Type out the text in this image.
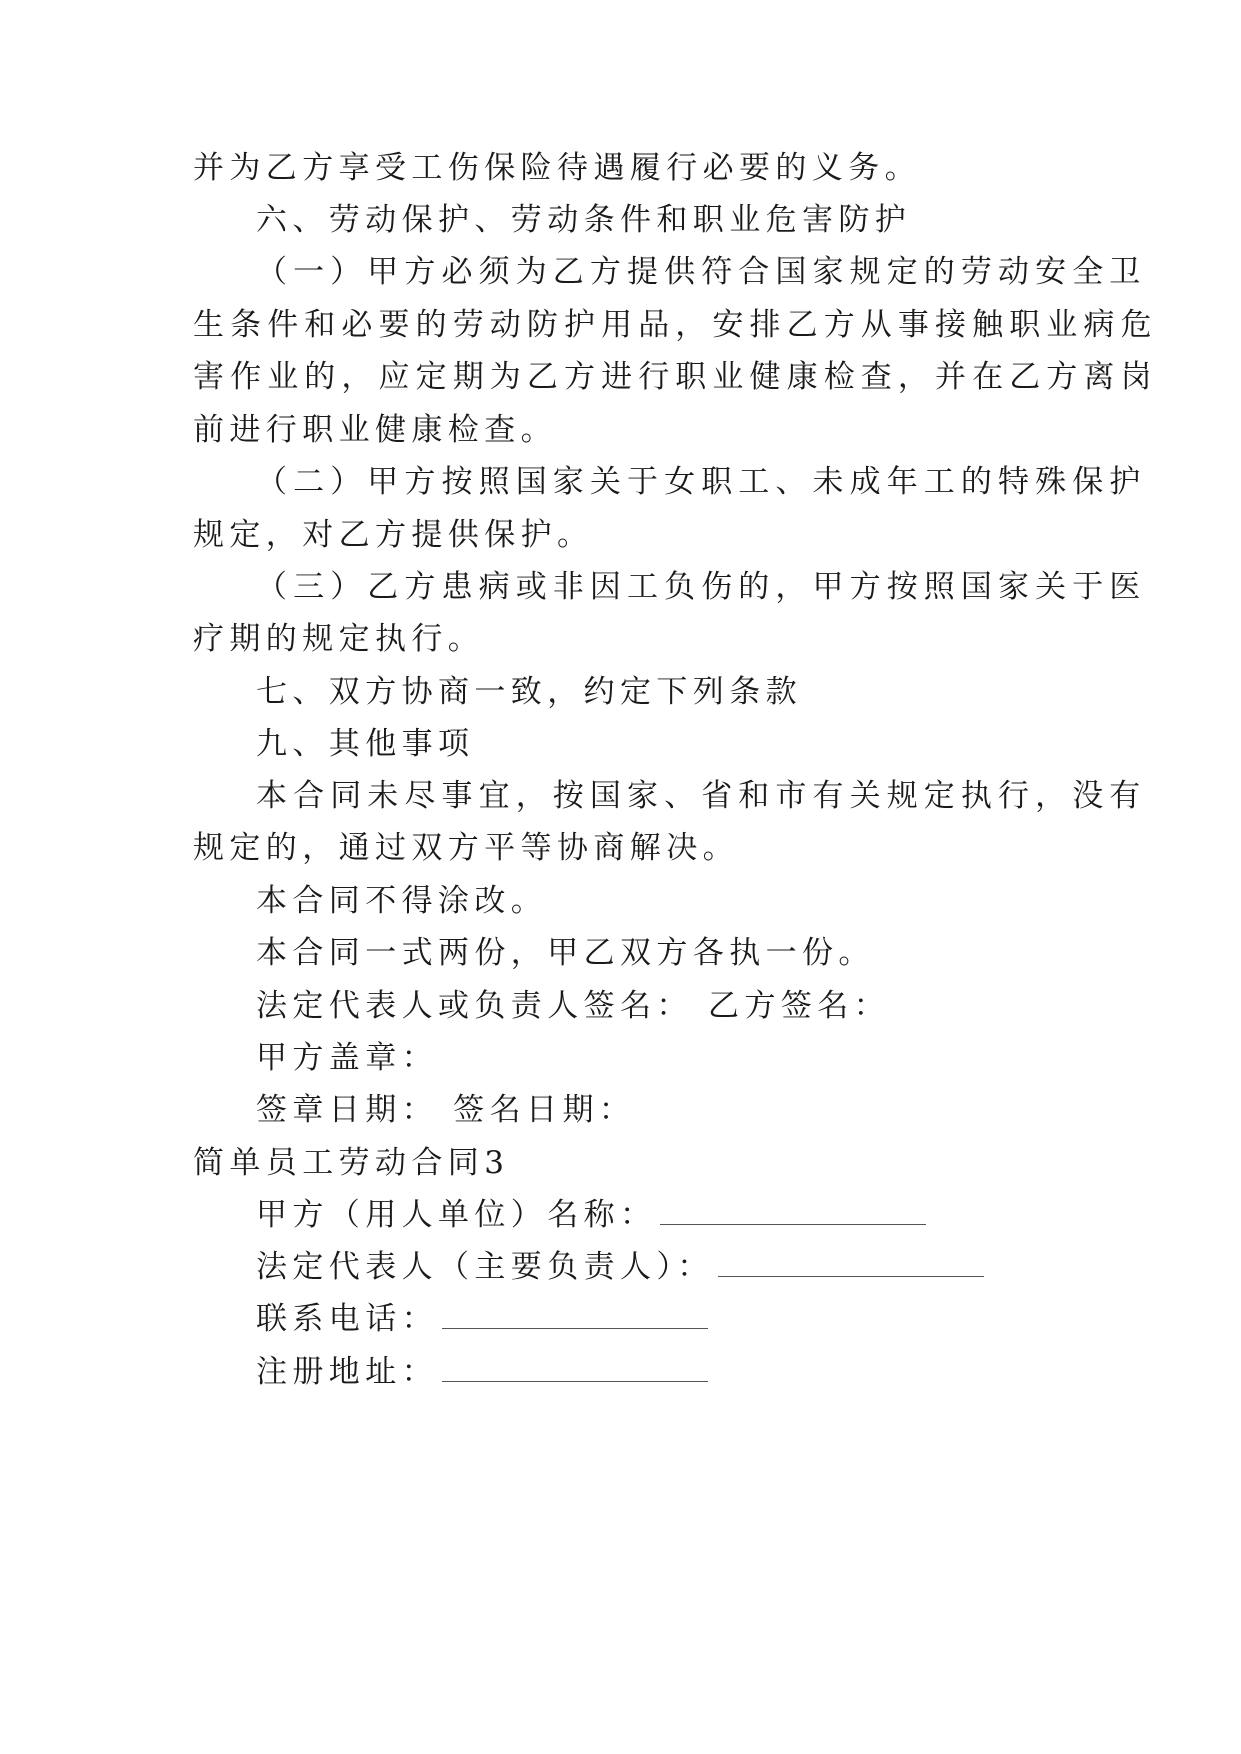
并为乙方享受工伤保险待遇履行必要的义务。
六、劳动保护、劳动条件和职业危害防护
（一）甲方必须为乙方提供符合国家规定的劳动安全卫
生条件和必要的劳动防护用品，安排乙方从事接触职业病危
害作业的，应定期为乙方进行职业健康检查，并在乙方离岗
前进行职业健康检查。
（二）甲方按照国家关于女职工、未成年工的特殊保护
规定，对乙方提供保护。
（三）乙方患病或非因工负伤的，甲方按照国家关于医
疗期的规定执行。
七、双方协商一致，约定下列条款
九、其他事项
本合同未尽事宜，按国家、省和市有关规定执行，没有
规定的，通过双方平等协商解决。
本合同不得涂改。
本合同一式两份，甲乙双方各执一份。
法定代表人或负责人签名： 乙方签名：
甲方盖章：
签章日期： 签名日期：
简单员工劳动合同3
甲方（用人单位）名称：
法定代表人（主要负责人）：
联系电话：
注册地址：
